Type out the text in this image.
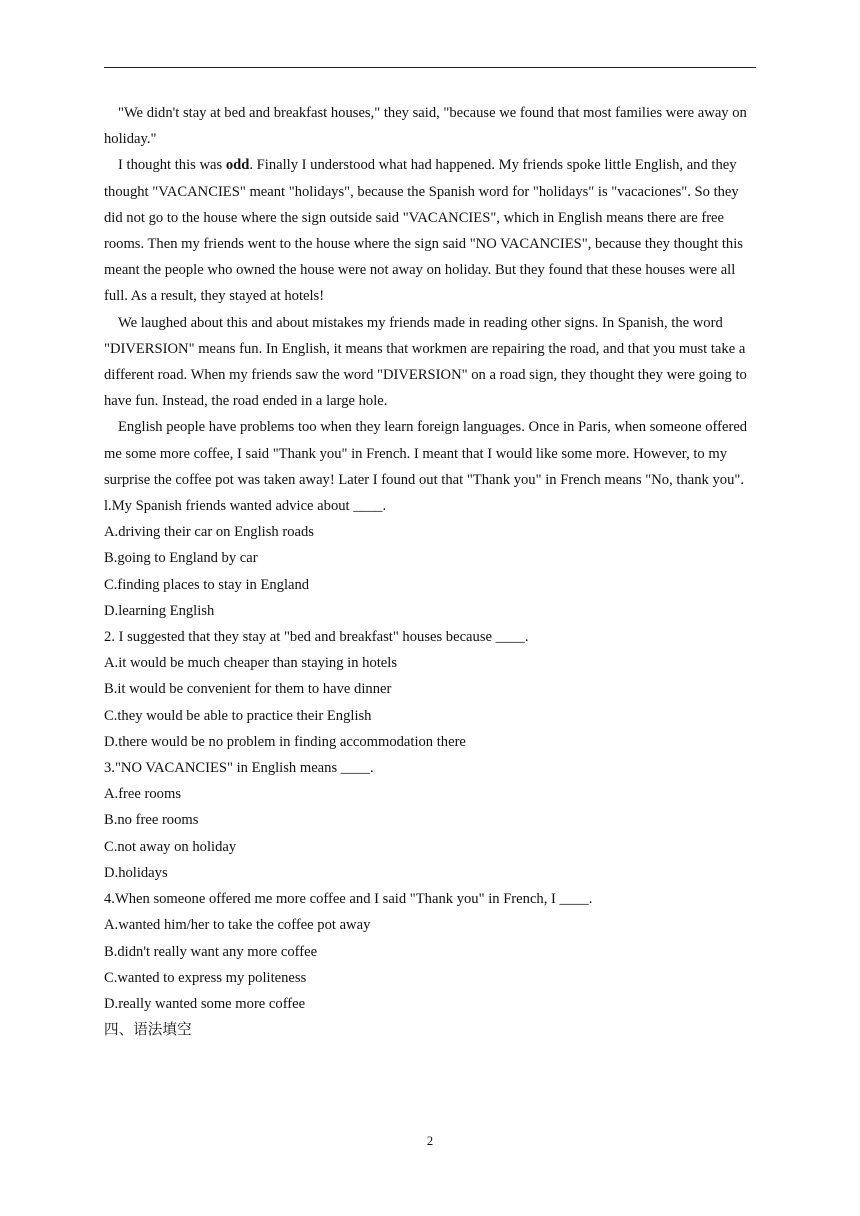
"We didn't stay at bed and breakfast houses," they said, "because we found that most families were away on holiday."

I thought this was odd. Finally I understood what had happened. My friends spoke little English, and they thought "VACANCIES" meant "holidays", because the Spanish word for "holidays" is "vacaciones". So they did not go to the house where the sign outside said "VACANCIES", which in English means there are free rooms. Then my friends went to the house where the sign said "NO VACANCIES", because they thought this meant the people who owned the house were not away on holiday. But they found that these houses were all full. As a result, they stayed at hotels!

We laughed about this and about mistakes my friends made in reading other signs. In Spanish, the word "DIVERSION" means fun. In English, it means that workmen are repairing the road, and that you must take a different road. When my friends saw the word "DIVERSION" on a road sign, they thought they were going to have fun. Instead, the road ended in a large hole.

English people have problems too when they learn foreign languages. Once in Paris, when someone offered me some more coffee, I said "Thank you" in French. I meant that I would like some more. However, to my surprise the coffee pot was taken away! Later I found out that "Thank you" in French means "No, thank you".

l.My Spanish friends wanted advice about ____.

A.driving their car on English roads

B.going to England by car

C.finding places to stay in England

D.learning English

2. I suggested that they stay at "bed and breakfast" houses because ____.

A.it would be much cheaper than staying in hotels

B.it would be convenient for them to have dinner

C.they would be able to practice their English

D.there would be no problem in finding accommodation there

3."NO VACANCIES" in English means ____.

A.free rooms

B.no free rooms

C.not away on holiday

D.holidays

4.When someone offered me more coffee and I said "Thank you" in French, I ____.

A.wanted him/her to take the coffee pot away

B.didn't really want any more coffee

C.wanted to express my politeness

D.really wanted some more coffee

四、语法填空

2
